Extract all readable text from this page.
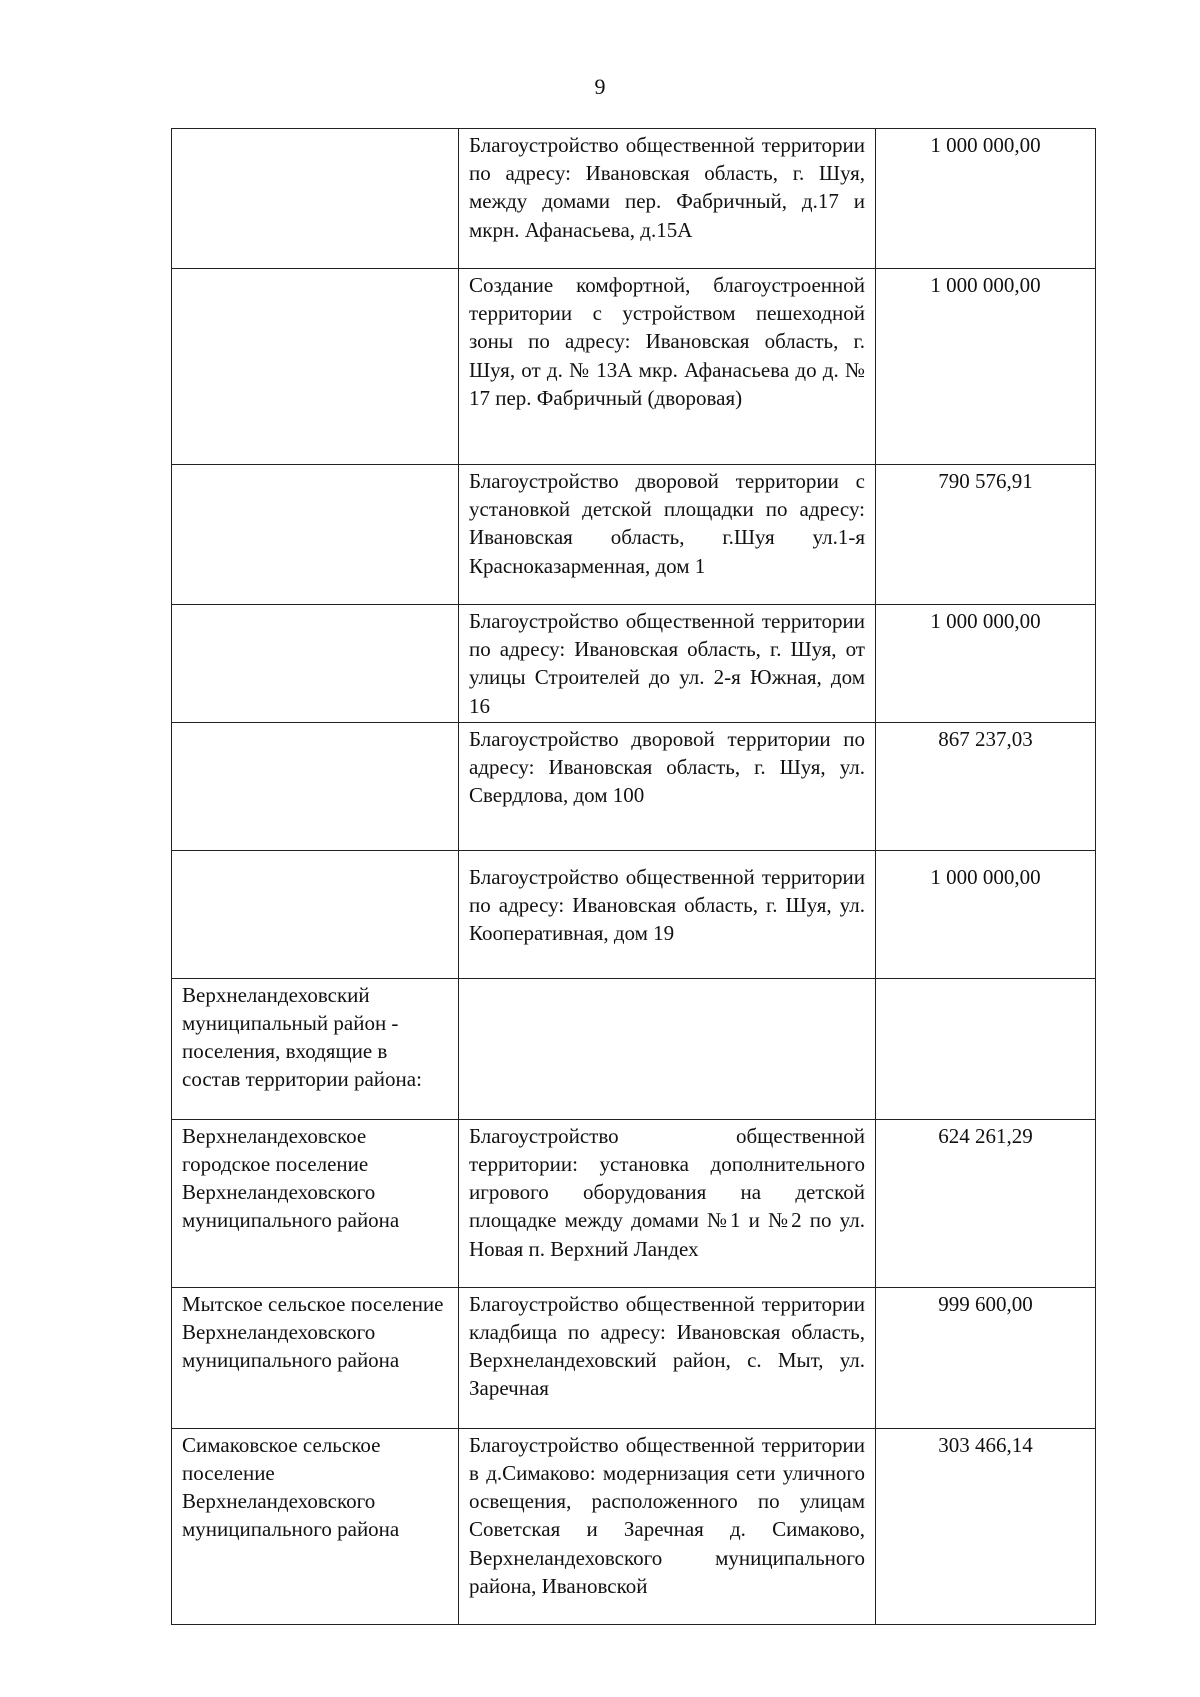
9
	Благоустройство общественной территории по адресу: Ивановская область, г. Шуя, между домами пер. Фабричный, д.17 и мкрн. Афанасьева, д.15А	1 000 000,00
	Создание комфортной, благоустроенной территории с устройством пешеходной зоны по адресу: Ивановская область, г. Шуя, от д. № 13А мкр. Афанасьева до д. № 17 пер. Фабричный (дворовая)	1 000 000,00
	Благоустройство дворовой территории с установкой детской площадки по адресу: Ивановская область, г.Шуя ул.1-я Красноказарменная, дом 1	790 576,91
	Благоустройство общественной территории по адресу: Ивановская область, г. Шуя, от улицы Строителей до ул. 2-я Южная, дом 16	1 000 000,00
	Благоустройство дворовой территории по адресу: Ивановская область, г. Шуя, ул. Свердлова, дом 100	867 237,03
	Благоустройство общественной территории по адресу: Ивановская область, г. Шуя, ул. Кооперативная, дом 19	1 000 000,00
Верхнеландеховский муниципальный район - поселения, входящие в состав территории района:		
Верхнеландеховское городское поселение Верхнеландеховского муниципального района	Благоустройство общественной территории: установка дополнительного игрового оборудования на детской площадке между домами №1 и №2 по ул. Новая п. Верхний Ландех	624 261,29
Мытское сельское поселение Верхнеландеховского муниципального района	Благоустройство общественной территории кладбища по адресу: Ивановская область, Верхнеландеховский район, с. Мыт, ул. Заречная	999 600,00
Симаковское сельское поселение Верхнеландеховского муниципального района	Благоустройство общественной территории в д.Симаково: модернизация сети уличного освещения, расположенного по улицам Советская и Заречная д. Симаково, Верхнеландеховского муниципального района, Ивановской	303 466,14
